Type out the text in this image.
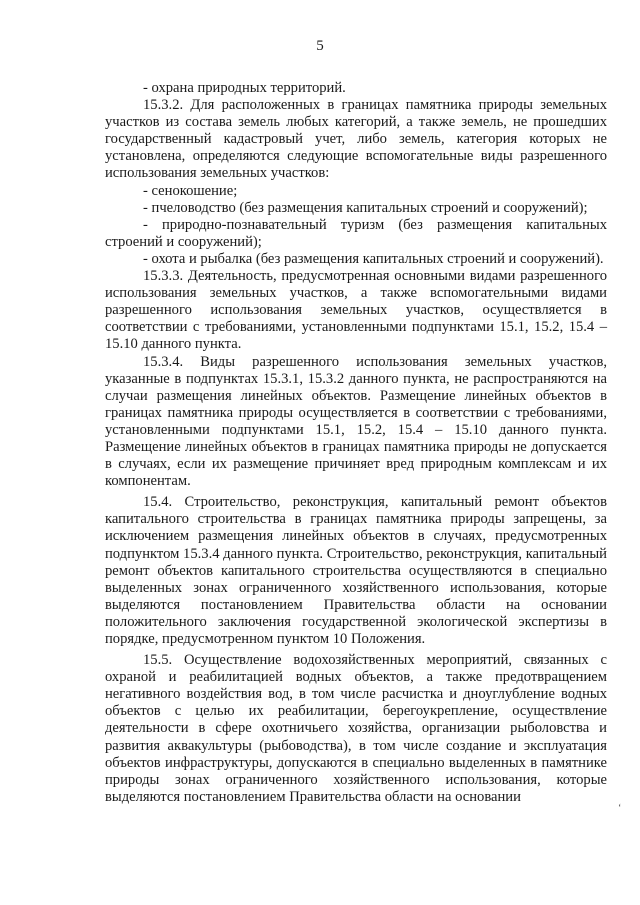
5

- охрана природных территорий.

15.3.2. Для расположенных в границах памятника природы земельных участков из состава земель любых категорий, а также земель, не прошедших государственный кадастровый учет, либо земель, категория которых не установлена, определяются следующие вспомогательные виды разрешенного использования земельных участков:

- сенокошение;

- пчеловодство (без размещения капитальных строений и сооружений);

- природно-познавательный туризм (без размещения капитальных строений и сооружений);

- охота и рыбалка (без размещения капитальных строений и сооружений).

15.3.3. Деятельность, предусмотренная основными видами разрешенного использования земельных участков, а также вспомогательными видами разрешенного использования земельных участков, осуществляется в соответствии с требованиями, установленными подпунктами 15.1, 15.2, 15.4 – 15.10 данного пункта.

15.3.4. Виды разрешенного использования земельных участков, указанные в подпунктах 15.3.1, 15.3.2 данного пункта, не распространяются на случаи размещения линейных объектов. Размещение линейных объектов в границах памятника природы осуществляется в соответствии с требованиями, установленными подпунктами 15.1, 15.2, 15.4 – 15.10 данного пункта. Размещение линейных объектов в границах памятника природы не допускается в случаях, если их размещение причиняет вред природным комплексам и их компонентам.

15.4. Строительство, реконструкция, капитальный ремонт объектов капитального строительства в границах памятника природы запрещены, за исключением размещения линейных объектов в случаях, предусмотренных подпунктом 15.3.4 данного пункта. Строительство, реконструкция, капитальный ремонт объектов капитального строительства осуществляются в специально выделенных зонах ограниченного хозяйственного использования, которые выделяются постановлением Правительства области на основании положительного заключения государственной экологической экспертизы в порядке, предусмотренном пунктом 10 Положения.

15.5. Осуществление водохозяйственных мероприятий, связанных с охраной и реабилитацией водных объектов, а также предотвращением негативного воздействия вод, в том числе расчистка и дноуглубление водных объектов с целью их реабилитации, берегоукрепление, осуществление деятельности в сфере охотничьего хозяйства, организации рыболовства и развития аквакультуры (рыбоводства), в том числе создание и эксплуатация объектов инфраструктуры, допускаются в специально выделенных в памятнике природы зонах ограниченного хозяйственного использования, которые выделяются постановлением Правительства области на основании

‘
